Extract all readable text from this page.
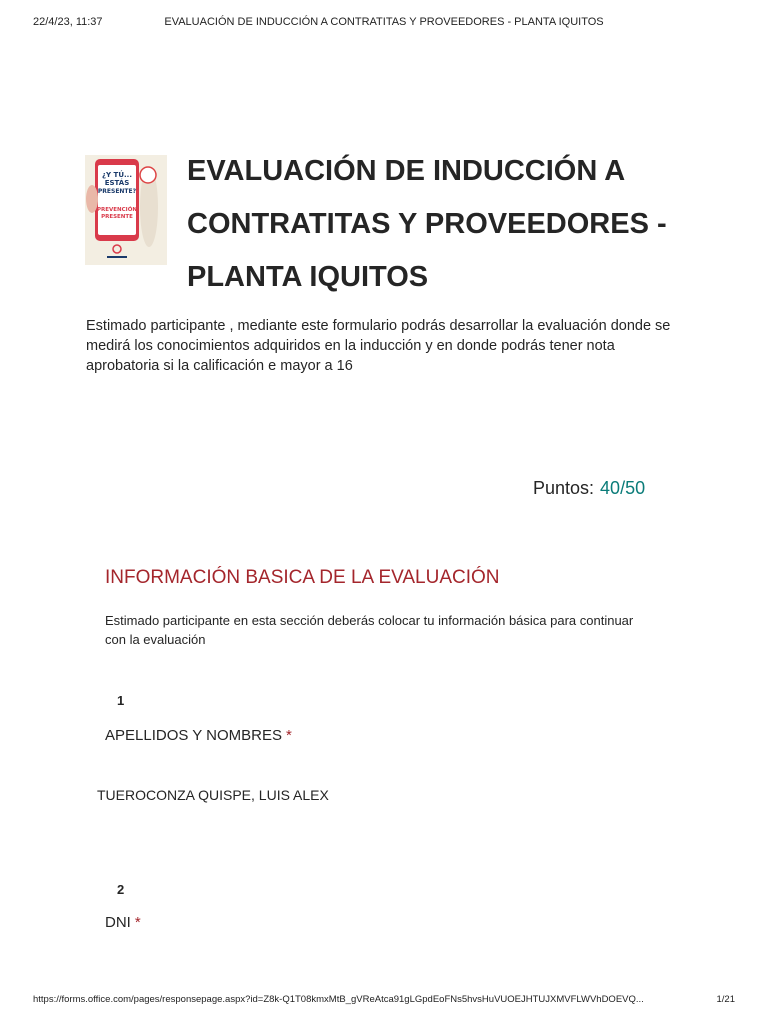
22/4/23, 11:37	EVALUACIÓN DE INDUCCIÓN A CONTRATITAS Y PROVEEDORES - PLANTA IQUITOS
¿Y TÚ...
ESTÁS
PRESENTE?
PREVENCIÓN
PRESENTE
EVALUACIÓN DE INDUCCIÓN A
CONTRATITAS Y PROVEEDORES -
PLANTA IQUITOS

Estimado participante , mediante este formulario podrás desarrollar la evaluación donde se
medirá los conocimientos adquiridos en la inducción y en donde podrás tener nota
aprobatoria si la calificación e mayor a 16

Puntos: 40/50
INFORMACIÓN BASICA DE LA EVALUACIÓN

Estimado participante en esta sección deberás colocar tu información básica para continuar
con la evaluación

1
APELLIDOS Y NOMBRES *
TUEROCONZA QUISPE, LUIS ALEX
2
DNI *
https://forms.office.com/pages/responsepage.aspx?id=Z8k-Q1T08kmxMtB_gVReAtca91gLGpdEoFNs5hvsHuVUOEJHTUJXMVFLWVhDOEVQ...	1/21
